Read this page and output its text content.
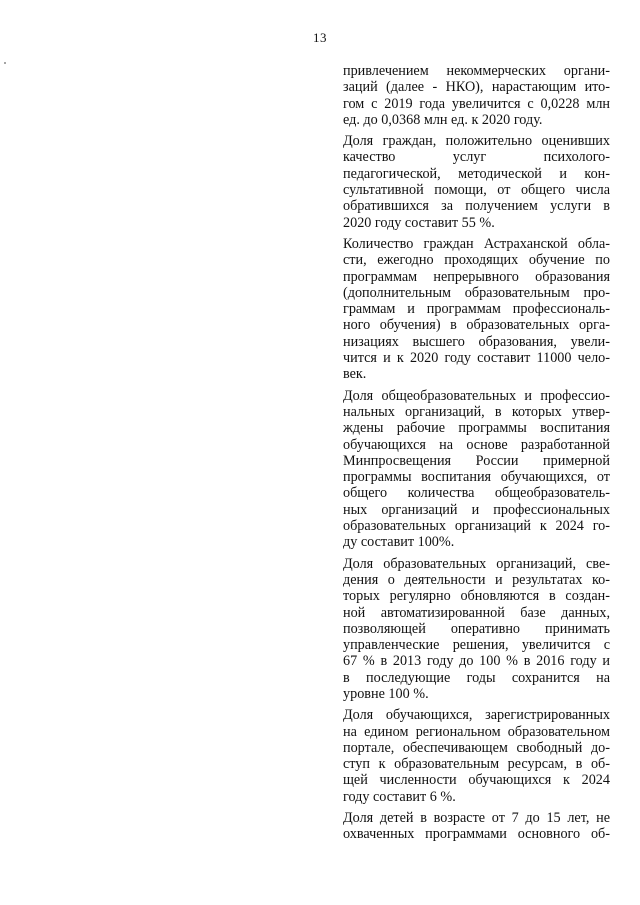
13
привлечением некоммерческих органи-
заций (далее - НКО), нарастающим ито-
гом с 2019 года увеличится с 0,0228 млн
ед. до 0,0368 млн ед. к 2020 году.
Доля граждан, положительно оценивших
качество услуг психолого-
педагогической, методической и кон-
сультативной помощи, от общего числа
обратившихся за получением услуги в
2020 году составит 55 %.
Количество граждан Астраханской обла-
сти, ежегодно проходящих обучение по
программам непрерывного образования
(дополнительным образовательным про-
граммам и программам профессиональ-
ного обучения) в образовательных орга-
низациях высшего образования, увели-
чится и к 2020 году составит 11000 чело-
век.
Доля общеобразовательных и профессио-
нальных организаций, в которых утвер-
ждены рабочие программы воспитания
обучающихся на основе разработанной
Минпросвещения России примерной
программы воспитания обучающихся, от
общего количества общеобразователь-
ных организаций и профессиональных
образовательных организаций к 2024 го-
ду составит 100%.
Доля образовательных организаций, све-
дения о деятельности и результатах ко-
торых регулярно обновляются в создан-
ной автоматизированной базе данных,
позволяющей оперативно принимать
управленческие решения, увеличится с
67 % в 2013 году до 100 % в 2016 году и
в последующие годы сохранится на
уровне 100 %.
Доля обучающихся, зарегистрированных
на едином региональном образовательном
портале, обеспечивающем свободный до-
ступ к образовательным ресурсам, в об-
щей численности обучающихся к 2024
году составит 6 %.
Доля детей в возрасте от 7 до 15 лет, не
охваченных программами основного об-
